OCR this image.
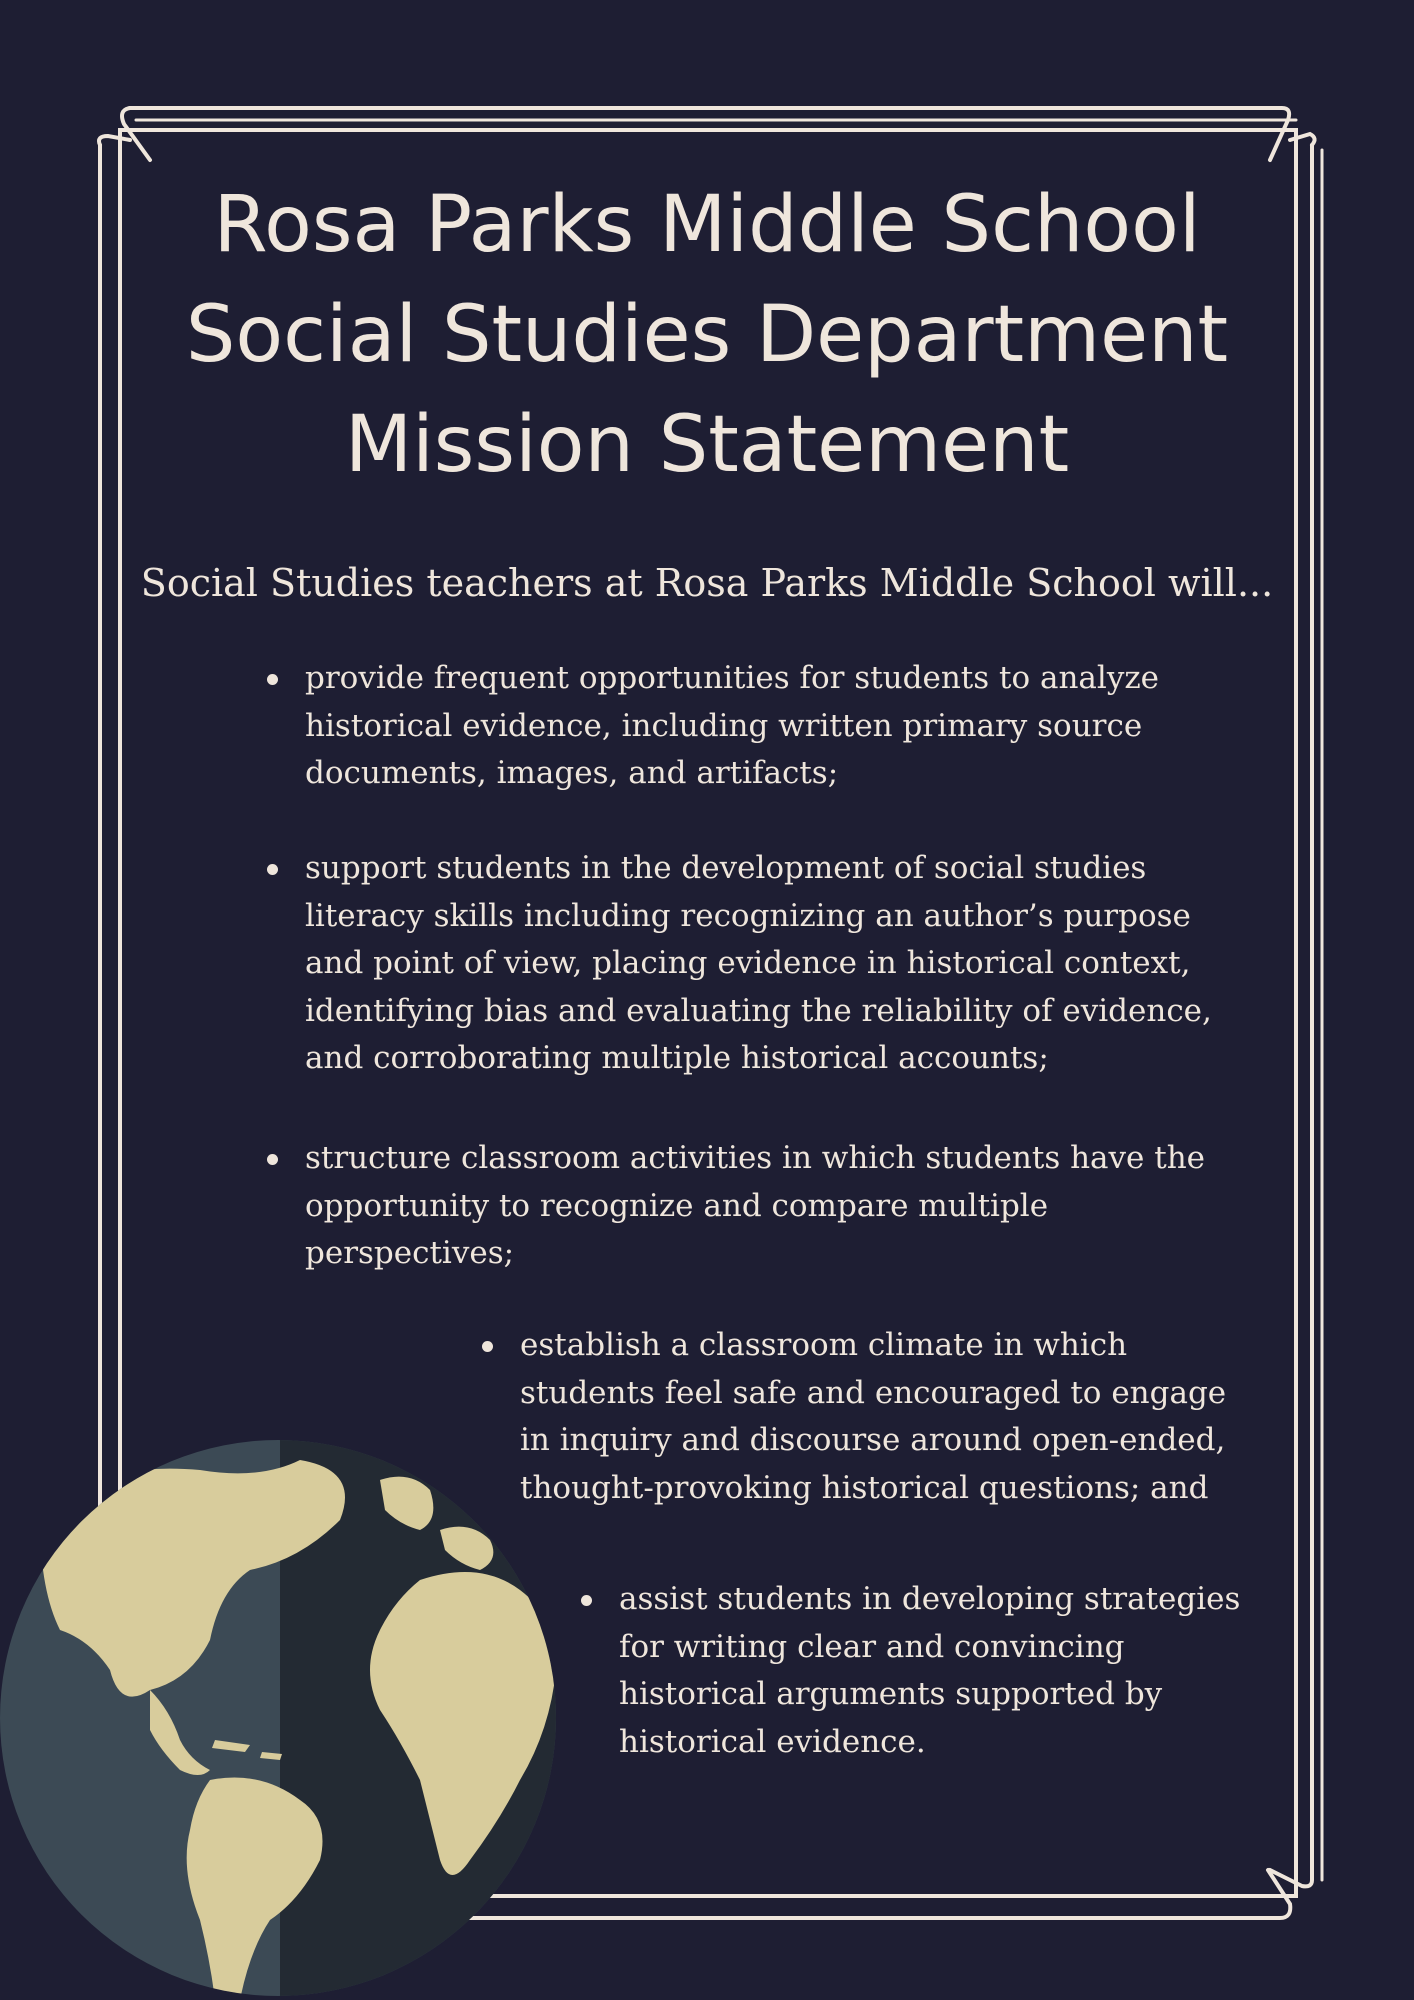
Rosa Parks Middle School
Social Studies Department
Mission Statement
Social Studies teachers at Rosa Parks Middle School will...
provide frequent opportunities for students to analyze
historical evidence, including written primary source
documents, images, and artifacts;
support students in the development of social studies
literacy skills including recognizing an author’s purpose
and point of view, placing evidence in historical context,
identifying bias and evaluating the reliability of evidence,
and corroborating multiple historical accounts;
structure classroom activities in which students have the
opportunity to recognize and compare multiple
perspectives;
establish a classroom climate in which
students feel safe and encouraged to engage
in inquiry and discourse around open-ended,
thought-provoking historical questions; and
assist students in developing strategies
for writing clear and convincing
historical arguments supported by
historical evidence.
